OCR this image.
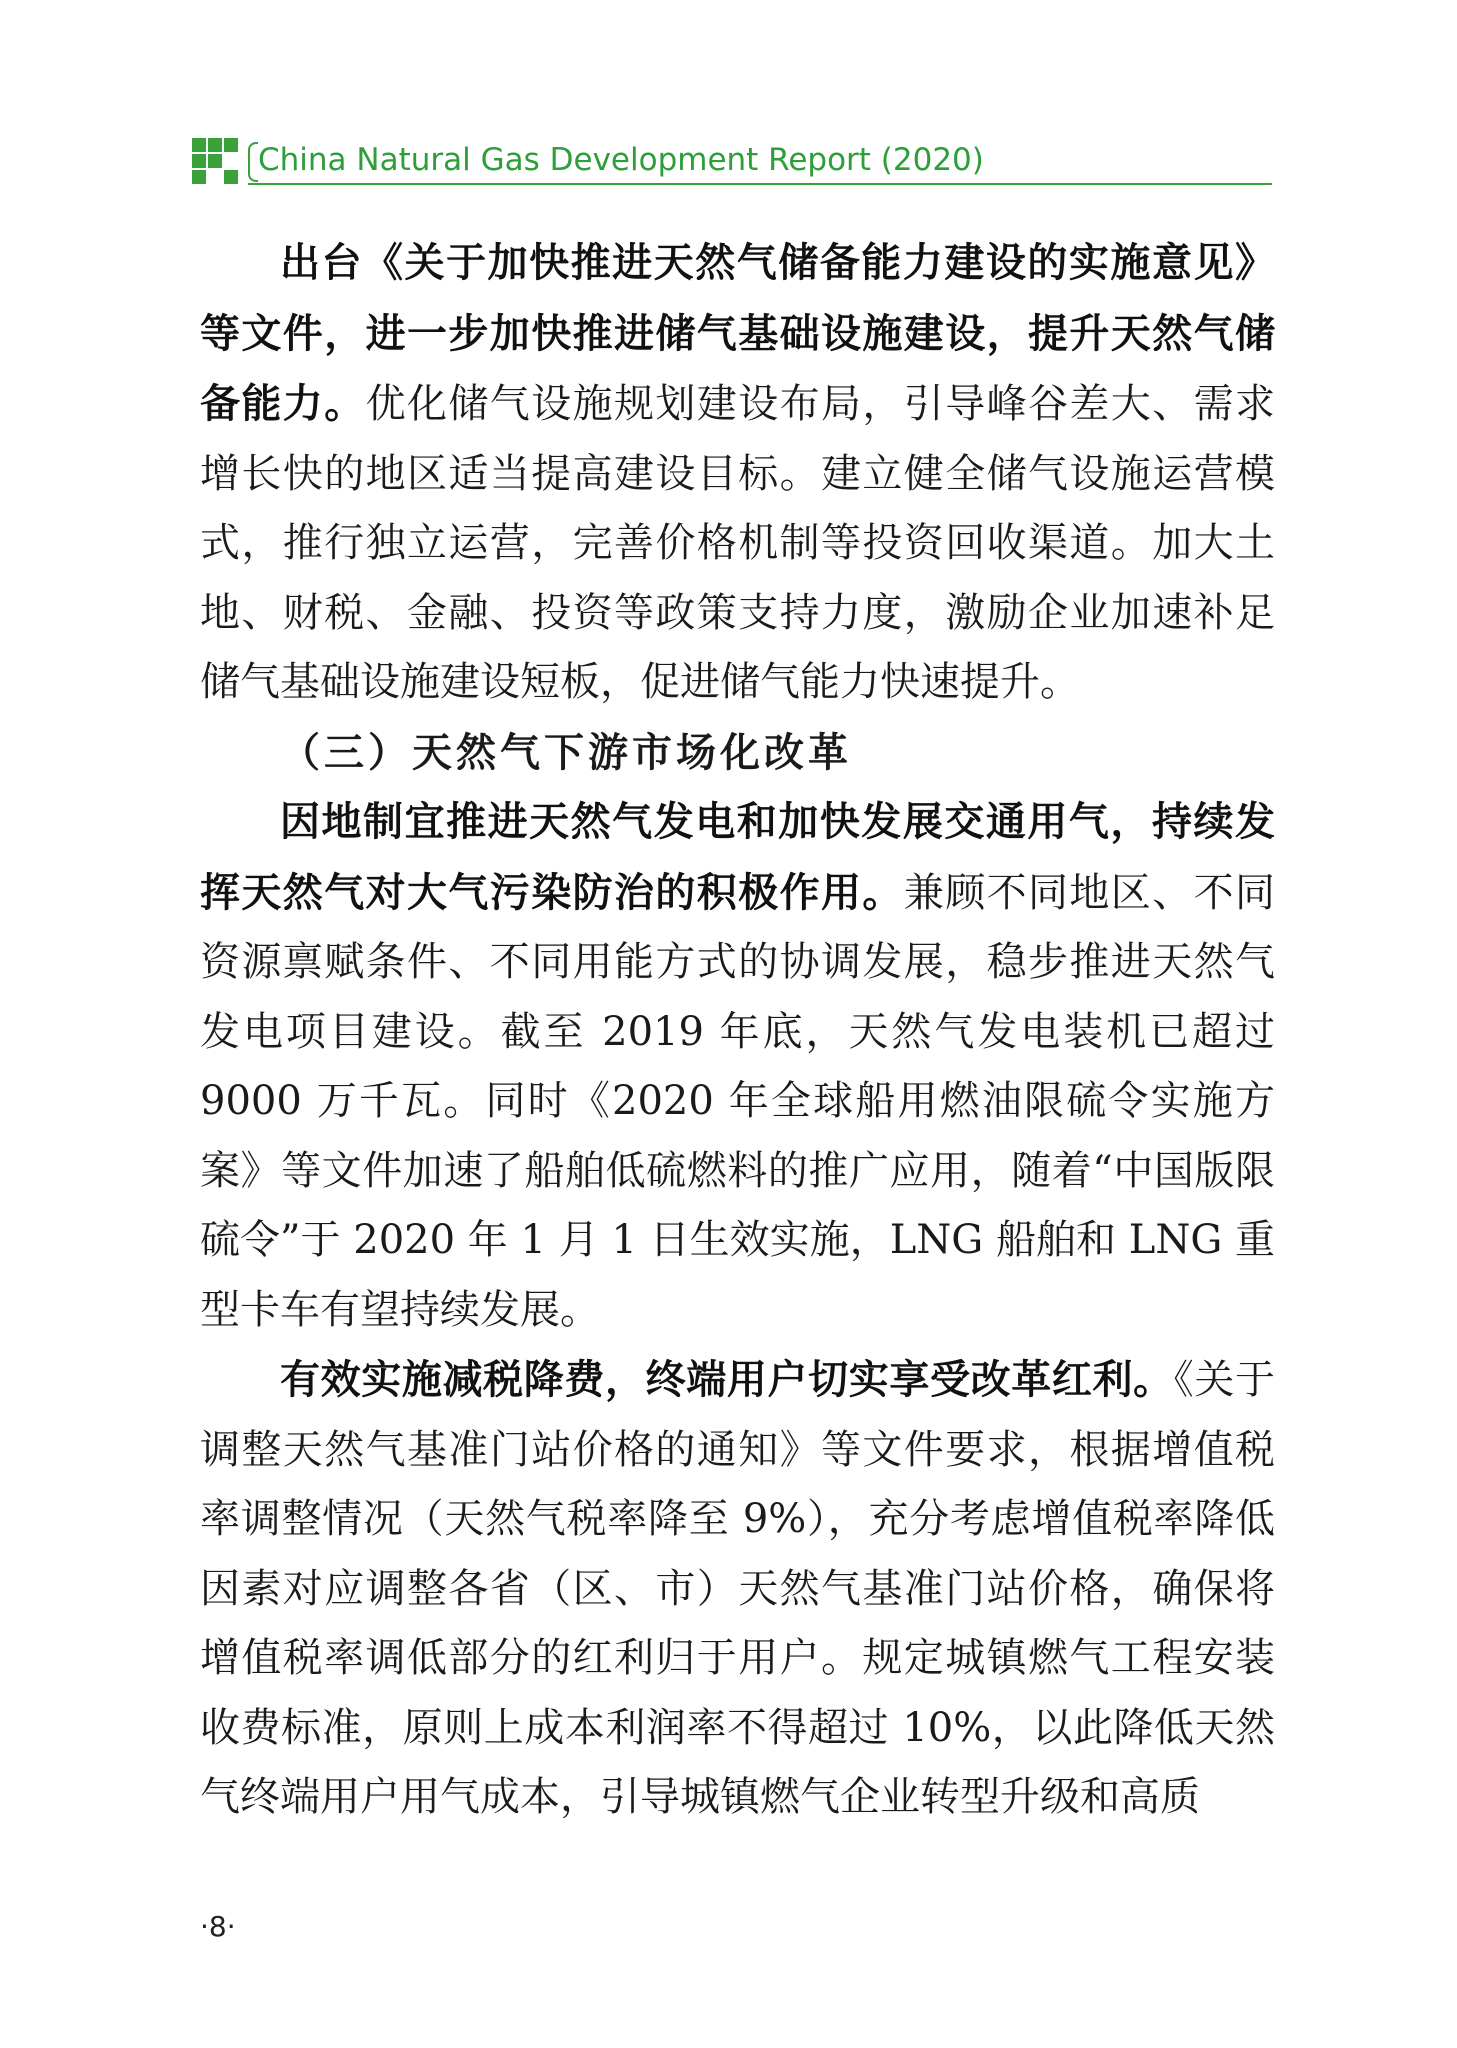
China Natural Gas Development Report (2020)

出台《关于加快推进天然气储备能力建设的实施意见》等文件，进一步加快推进储气基础设施建设，提升天然气储备能力。优化储气设施规划建设布局，引导峰谷差大、需求增长快的地区适当提高建设目标。建立健全储气设施运营模式，推行独立运营，完善价格机制等投资回收渠道。加大土地、财税、金融、投资等政策支持力度，激励企业加速补足储气基础设施建设短板，促进储气能力快速提升。

（三）天然气下游市场化改革

因地制宜推进天然气发电和加快发展交通用气，持续发挥天然气对大气污染防治的积极作用。兼顾不同地区、不同资源禀赋条件、不同用能方式的协调发展，稳步推进天然气发电项目建设。截至 2019 年底，天然气发电装机已超过 9000 万千瓦。同时《2020 年全球船用燃油限硫令实施方案》等文件加速了船舶低硫燃料的推广应用，随着“中国版限硫令”于 2020 年 1 月 1 日生效实施，LNG 船舶和 LNG 重型卡车有望持续发展。

有效实施减税降费，终端用户切实享受改革红利。《关于调整天然气基准门站价格的通知》等文件要求，根据增值税率调整情况（天然气税率降至 9%），充分考虑增值税率降低因素对应调整各省（区、市）天然气基准门站价格，确保将增值税率调低部分的红利归于用户。规定城镇燃气工程安装收费标准，原则上成本利润率不得超过 10%，以此降低天然气终端用户用气成本，引导城镇燃气企业转型升级和高质

·8·
